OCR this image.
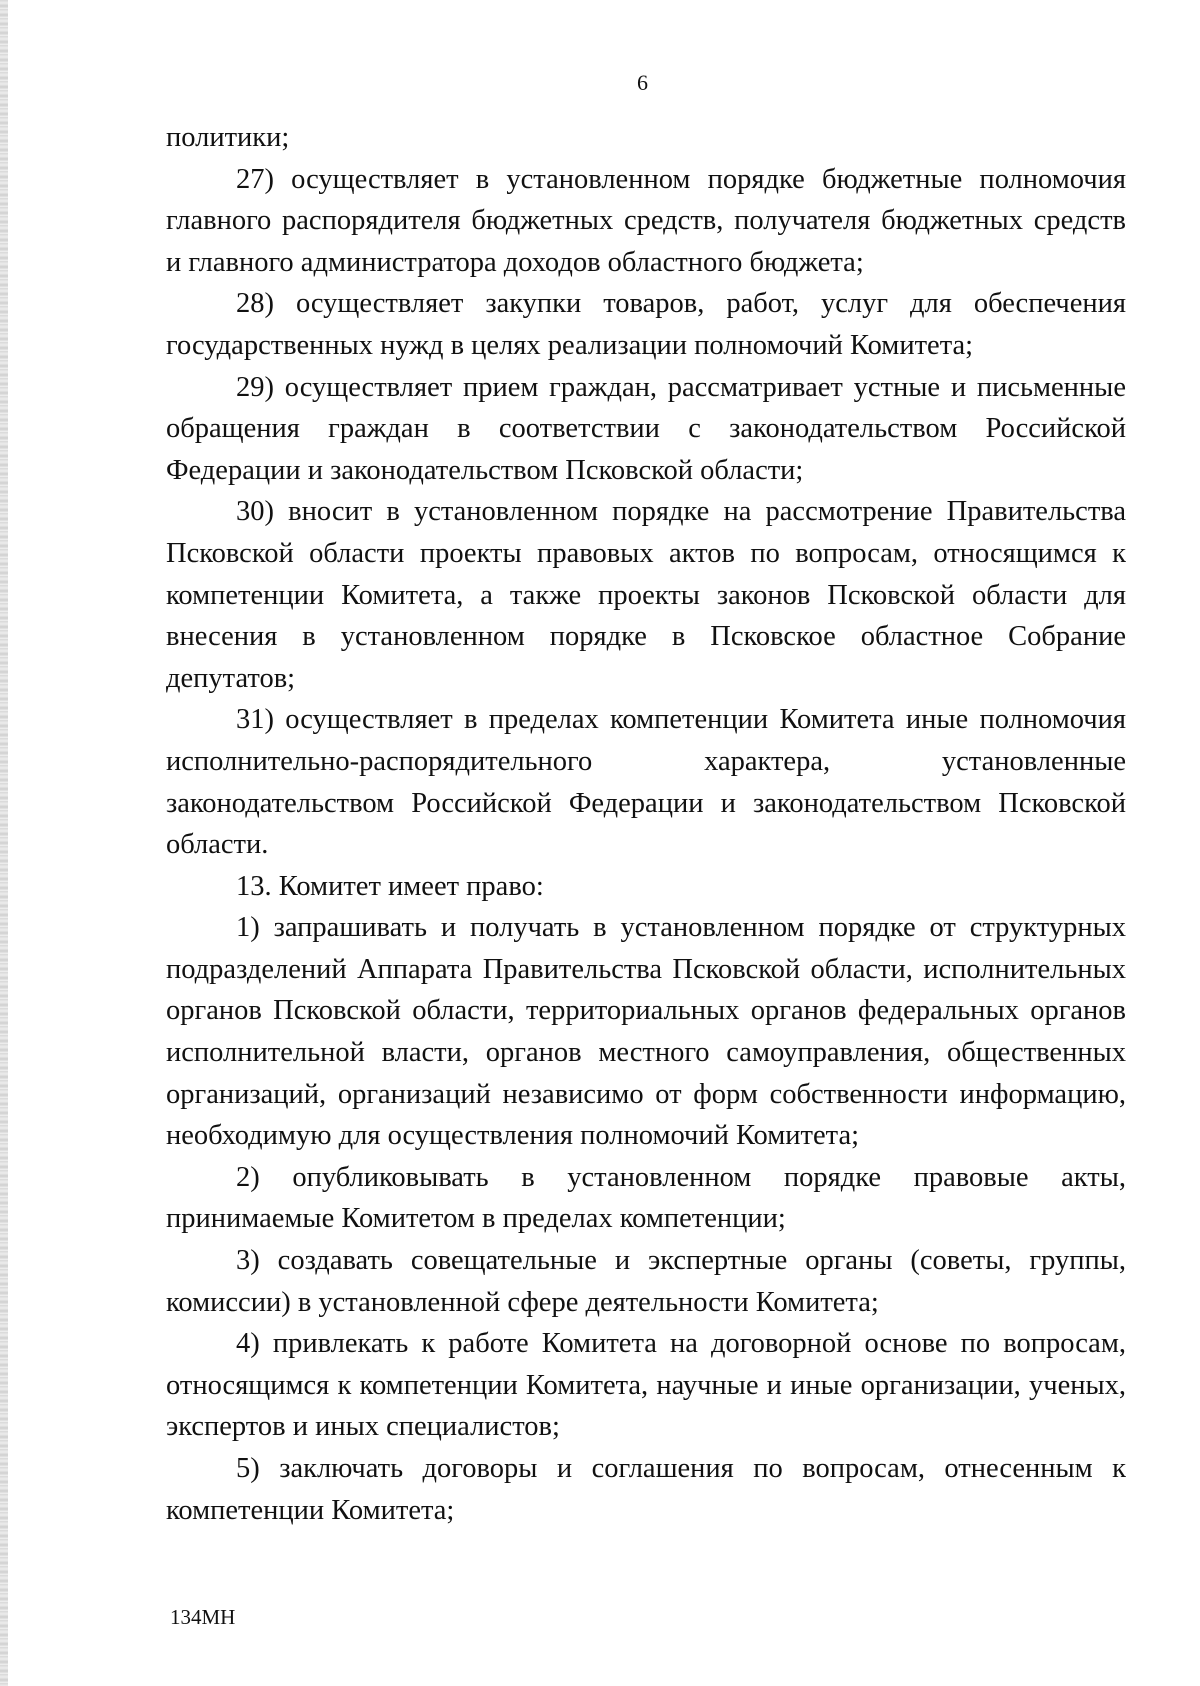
6

политики;

27) осуществляет в установленном порядке бюджетные полномочия главного распорядителя бюджетных средств, получателя бюджетных средств и главного администратора доходов областного бюджета;

28) осуществляет закупки товаров, работ, услуг для обеспечения государственных нужд в целях реализации полномочий Комитета;

29) осуществляет прием граждан, рассматривает устные и письменные обращения граждан в соответствии с законодательством Российской Федерации и законодательством Псковской области;

30) вносит в установленном порядке на рассмотрение Правительства Псковской области проекты правовых актов по вопросам, относящимся к компетенции Комитета, а также проекты законов Псковской области для внесения в установленном порядке в Псковское областное Собрание депутатов;

31) осуществляет в пределах компетенции Комитета иные полномочия исполнительно-распорядительного характера, установленные законодательством Российской Федерации и законодательством Псковской области.

13. Комитет имеет право:

1) запрашивать и получать в установленном порядке от структурных подразделений Аппарата Правительства Псковской области, исполнительных органов Псковской области, территориальных органов федеральных органов исполнительной власти, органов местного самоуправления, общественных организаций, организаций независимо от форм собственности информацию, необходимую для осуществления полномочий Комитета;

2) опубликовывать в установленном порядке правовые акты, принимаемые Комитетом в пределах компетенции;

3) создавать совещательные и экспертные органы (советы, группы, комиссии) в установленной сфере деятельности Комитета;

4) привлекать к работе Комитета на договорной основе по вопросам, относящимся к компетенции Комитета, научные и иные организации, ученых, экспертов и иных специалистов;

5) заключать договоры и соглашения по вопросам, отнесенным к компетенции Комитета;

134МН
